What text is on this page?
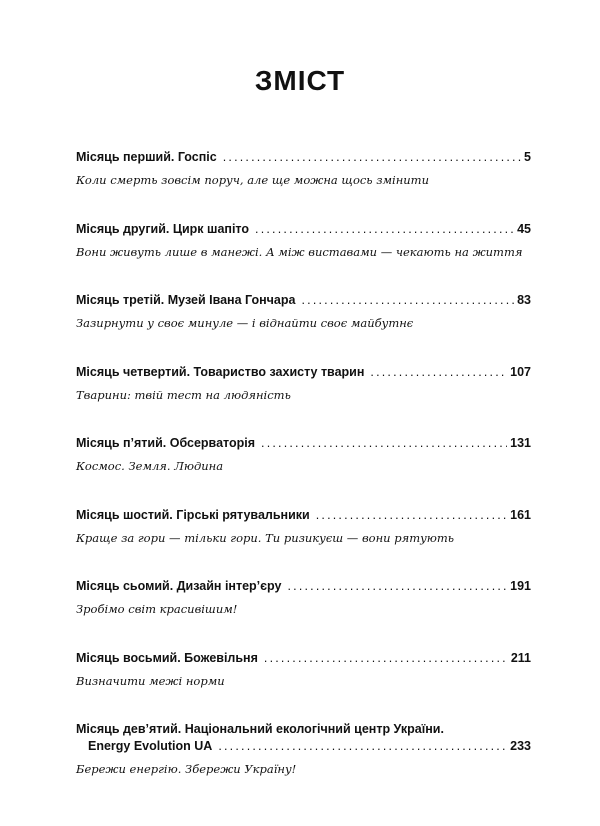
ЗМІСТ
Місяць перший. Госпіс .....	5
Коли смерть зовсім поруч, але ще можна щось змінити
Місяць другий. Цирк шапіто .....	45
Вони живуть лише в манежі. А між виставами — чекають на життя
Місяць третій. Музей Івана Гончара .....	83
Зазирнути у своє минуле — і віднайти своє майбутнє
Місяць четвертий. Товариство захисту тварин .....	107
Тварини: твій тест на людяність
Місяць п’ятий. Обсерваторія .....	131
Космос. Земля. Людина
Місяць шостий. Гірські рятувальники .....	161
Краще за гори — тільки гори. Ти ризикуєш — вони рятують
Місяць сьомий. Дизайн інтер’єру .....	191
Зробімо світ красивішим!
Місяць восьмий. Божевільня .....	211
Визначити межі норми
Місяць дев’ятий. Національний екологічний центр України.
Energy Evolution UA .....	233
Бережи енергію. Збережи Україну!
